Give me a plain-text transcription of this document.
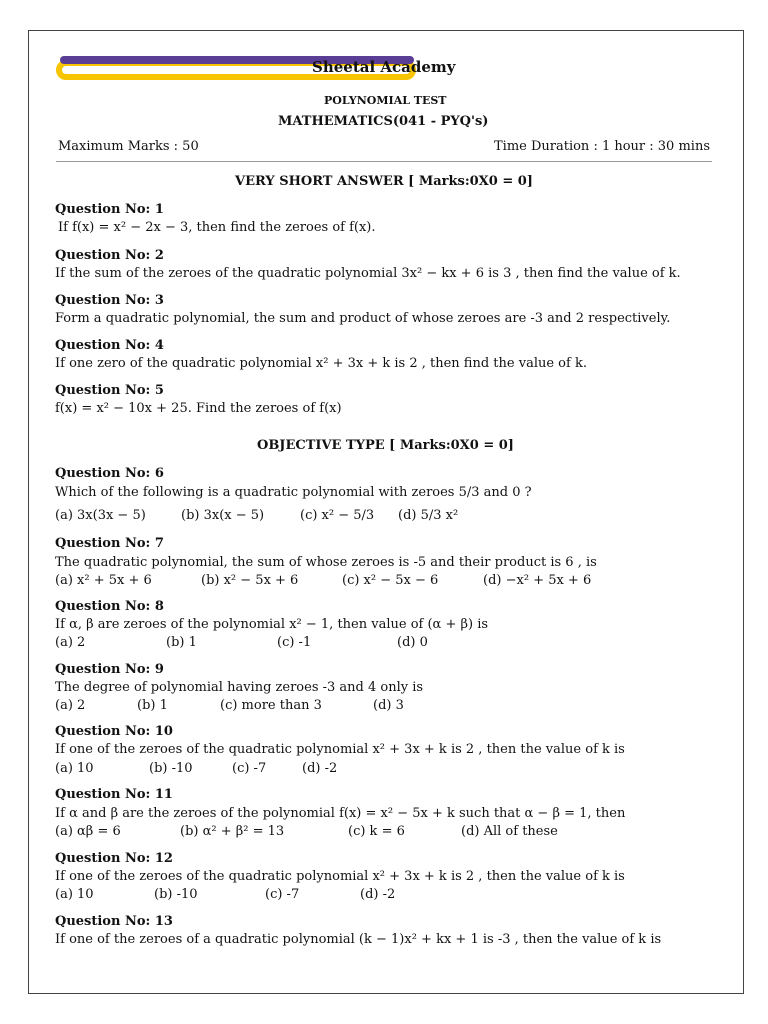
Sheetal Academy
POLYNOMIAL TEST
MATHEMATICS(041 - PYQ's)
Maximum Marks : 50	Time Duration : 1 hour : 30 mins
VERY SHORT ANSWER [ Marks:0X0 = 0]
Question No: 1
If f(x) = x² − 2x − 3, then find the zeroes of f(x).
Question No: 2
If the sum of the zeroes of the quadratic polynomial 3x² − kx + 6 is 3 , then find the value of k.
Question No: 3
Form a quadratic polynomial, the sum and product of whose zeroes are -3 and 2 respectively.
Question No: 4
If one zero of the quadratic polynomial x² + 3x + k is 2 , then find the value of k.
Question No: 5
f(x) = x² − 10x + 25. Find the zeroes of f(x)
OBJECTIVE TYPE [ Marks:0X0 = 0]
Question No: 6
Which of the following is a quadratic polynomial with zeroes 5/3 and 0 ?
(a) 3x(3x − 5)	(b) 3x(x − 5)	(c) x² − 5/3 (d) 5/3 x²
Question No: 7
The quadratic polynomial, the sum of whose zeroes is -5 and their product is 6 , is
(a) x² + 5x + 6	(b) x² − 5x + 6	(c) x² − 5x − 6	(d) −x² + 5x + 6
Question No: 8
If α, β are zeroes of the polynomial x² − 1, then value of (α + β) is
(a) 2	(b) 1	(c) -1	(d) 0
Question No: 9
The degree of polynomial having zeroes -3 and 4 only is
(a) 2	(b) 1	(c) more than 3	(d) 3
Question No: 10
If one of the zeroes of the quadratic polynomial x² + 3x + k is 2 , then the value of k is
(a) 10	(b) -10	(c) -7	(d) -2
Question No: 11
If α and β are the zeroes of the polynomial f(x) = x² − 5x + k such that α − β = 1, then
(a) αβ = 6	(b) α² + β² = 13	(c) k = 6	(d) All of these
Question No: 12
If one of the zeroes of the quadratic polynomial x² + 3x + k is 2 , then the value of k is
(a) 10	(b) -10	(c) -7	(d) -2
Question No: 13
If one of the zeroes of a quadratic polynomial (k − 1)x² + kx + 1 is -3 , then the value of k is
